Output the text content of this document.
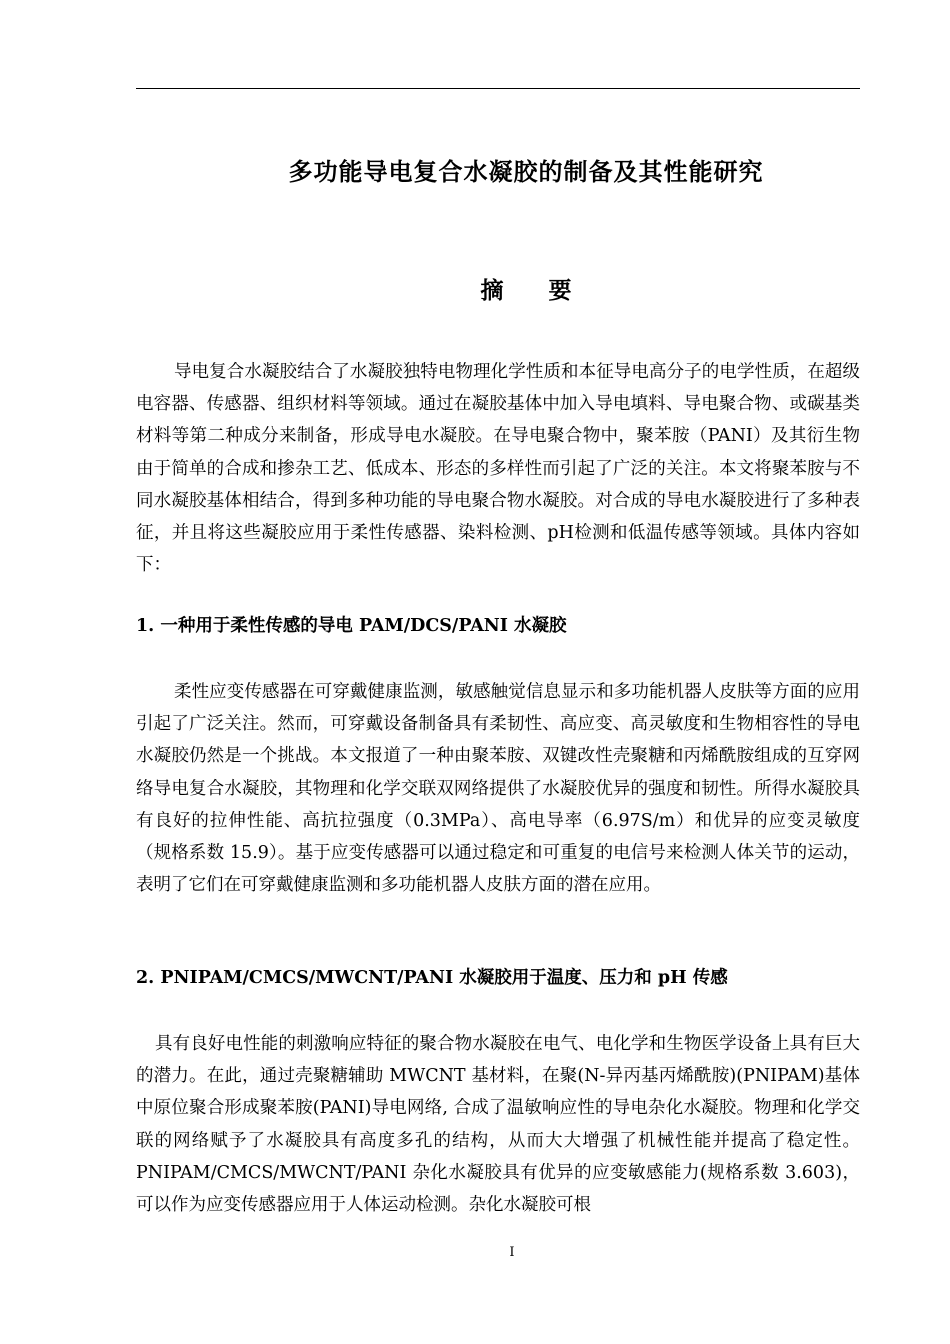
多功能导电复合水凝胶的制备及其性能研究
摘要

导电复合水凝胶结合了水凝胶独特电物理化学性质和本征导电高分子的电学性质，在超级电容器、传感器、组织材料等领域。通过在凝胶基体中加入导电填料、导电聚合物、或碳基类材料等第二种成分来制备，形成导电水凝胶。在导电聚合物中，聚苯胺（PANI）及其衍生物由于简单的合成和掺杂工艺、低成本、形态的多样性而引起了广泛的关注。本文将聚苯胺与不同水凝胶基体相结合，得到多种功能的导电聚合物水凝胶。对合成的导电水凝胶进行了多种表征，并且将这些凝胶应用于柔性传感器、染料检测、pH检测和低温传感等领域。具体内容如下：

1. 一种用于柔性传感的导电 PAM/DCS/PANI 水凝胶

柔性应变传感器在可穿戴健康监测，敏感触觉信息显示和多功能机器人皮肤等方面的应用引起了广泛关注。然而，可穿戴设备制备具有柔韧性、高应变、高灵敏度和生物相容性的导电水凝胶仍然是一个挑战。本文报道了一种由聚苯胺、双键改性壳聚糖和丙烯酰胺组成的互穿网络导电复合水凝胶，其物理和化学交联双网络提供了水凝胶优异的强度和韧性。所得水凝胶具有良好的拉伸性能、高抗拉强度（0.3MPa）、高电导率（6.97S/m）和优异的应变灵敏度（规格系数 15.9）。基于应变传感器可以通过稳定和可重复的电信号来检测人体关节的运动，表明了它们在可穿戴健康监测和多功能机器人皮肤方面的潜在应用。

2. PNIPAM/CMCS/MWCNT/PANI 水凝胶用于温度、压力和 pH 传感

具有良好电性能的刺激响应特征的聚合物水凝胶在电气、电化学和生物医学设备上具有巨大的潜力。在此，通过壳聚糖辅助 MWCNT 基材料，在聚(N-异丙基丙烯酰胺)(PNIPAM)基体中原位聚合形成聚苯胺(PANI)导电网络, 合成了温敏响应性的导电杂化水凝胶。物理和化学交联的网络赋予了水凝胶具有高度多孔的结构，从而大大增强了机械性能并提高了稳定性。PNIPAM/CMCS/MWCNT/PANI 杂化水凝胶具有优异的应变敏感能力(规格系数 3.603)，可以作为应变传感器应用于人体运动检测。杂化水凝胶可根

I
